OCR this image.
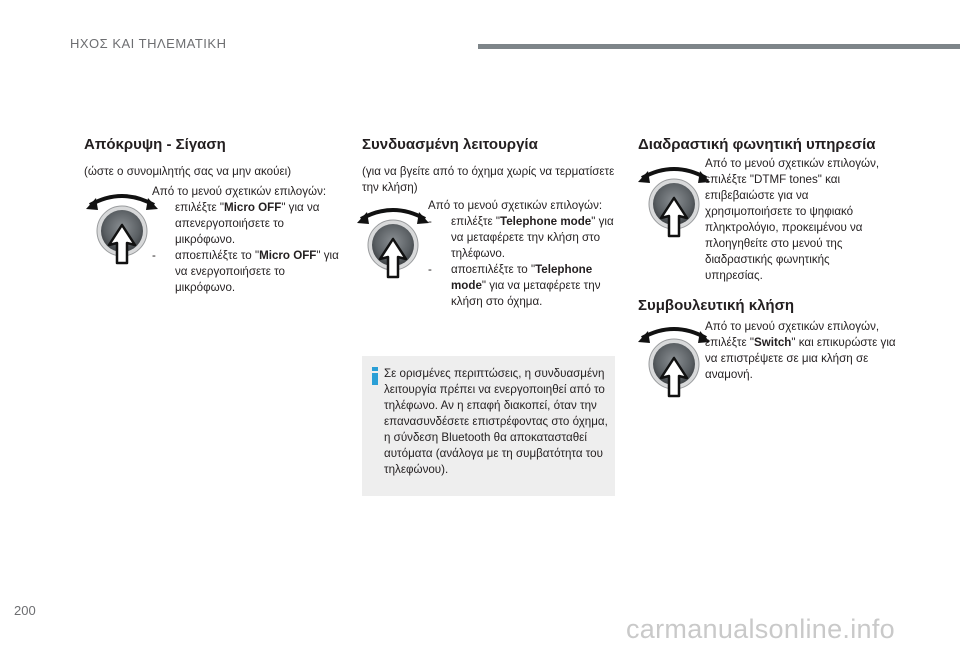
ΗΧΟΣ ΚΑΙ ΤΗΛΕΜΑΤΙΚΗ
Απόκρυψη - Σίγαση

(ώστε ο συνομιλητής σας να μην ακούει)

Από το μενού σχετικών επιλογών:

-	επιλέξτε "Micro OFF" για να απενεργοποιήσετε το μικρόφωνο.
-	αποεπιλέξτε το "Micro OFF" για να ενεργοποιήσετε το μικρόφωνο.
Συνδυασμένη λειτουργία

(για να βγείτε από το όχημα χωρίς να τερματίσετε την κλήση)

Από το μενού σχετικών επιλογών:

-	επιλέξτε "Telephone mode" για να μεταφέρετε την κλήση στο τηλέφωνο.
-	αποεπιλέξτε το "Telephone mode" για να μεταφέρετε την κλήση στο όχημα.
Σε ορισμένες περιπτώσεις, η συνδυασμένη λειτουργία πρέπει να ενεργοποιηθεί από το τηλέφωνο. Αν η επαφή διακοπεί, όταν την επανασυνδέσετε επιστρέφοντας στο όχημα, η σύνδεση Bluetooth θα αποκατασταθεί αυτόματα (ανάλογα με τη συμβατότητα του τηλεφώνου).
Διαδραστική φωνητική υπηρεσία

Από το μενού σχετικών επιλογών, επιλέξτε "DTMF tones" και επιβεβαιώστε για να χρησιμοποιήσετε το ψηφιακό πληκτρολόγιο, προκειμένου να πλοηγηθείτε στο μενού της διαδραστικής φωνητικής υπηρεσίας.

Συμβουλευτική κλήση

Από το μενού σχετικών επιλογών, επιλέξτε "Switch" και επικυρώστε για να επιστρέψετε σε μια κλήση σε αναμονή.

200
carmanualsonline.info
